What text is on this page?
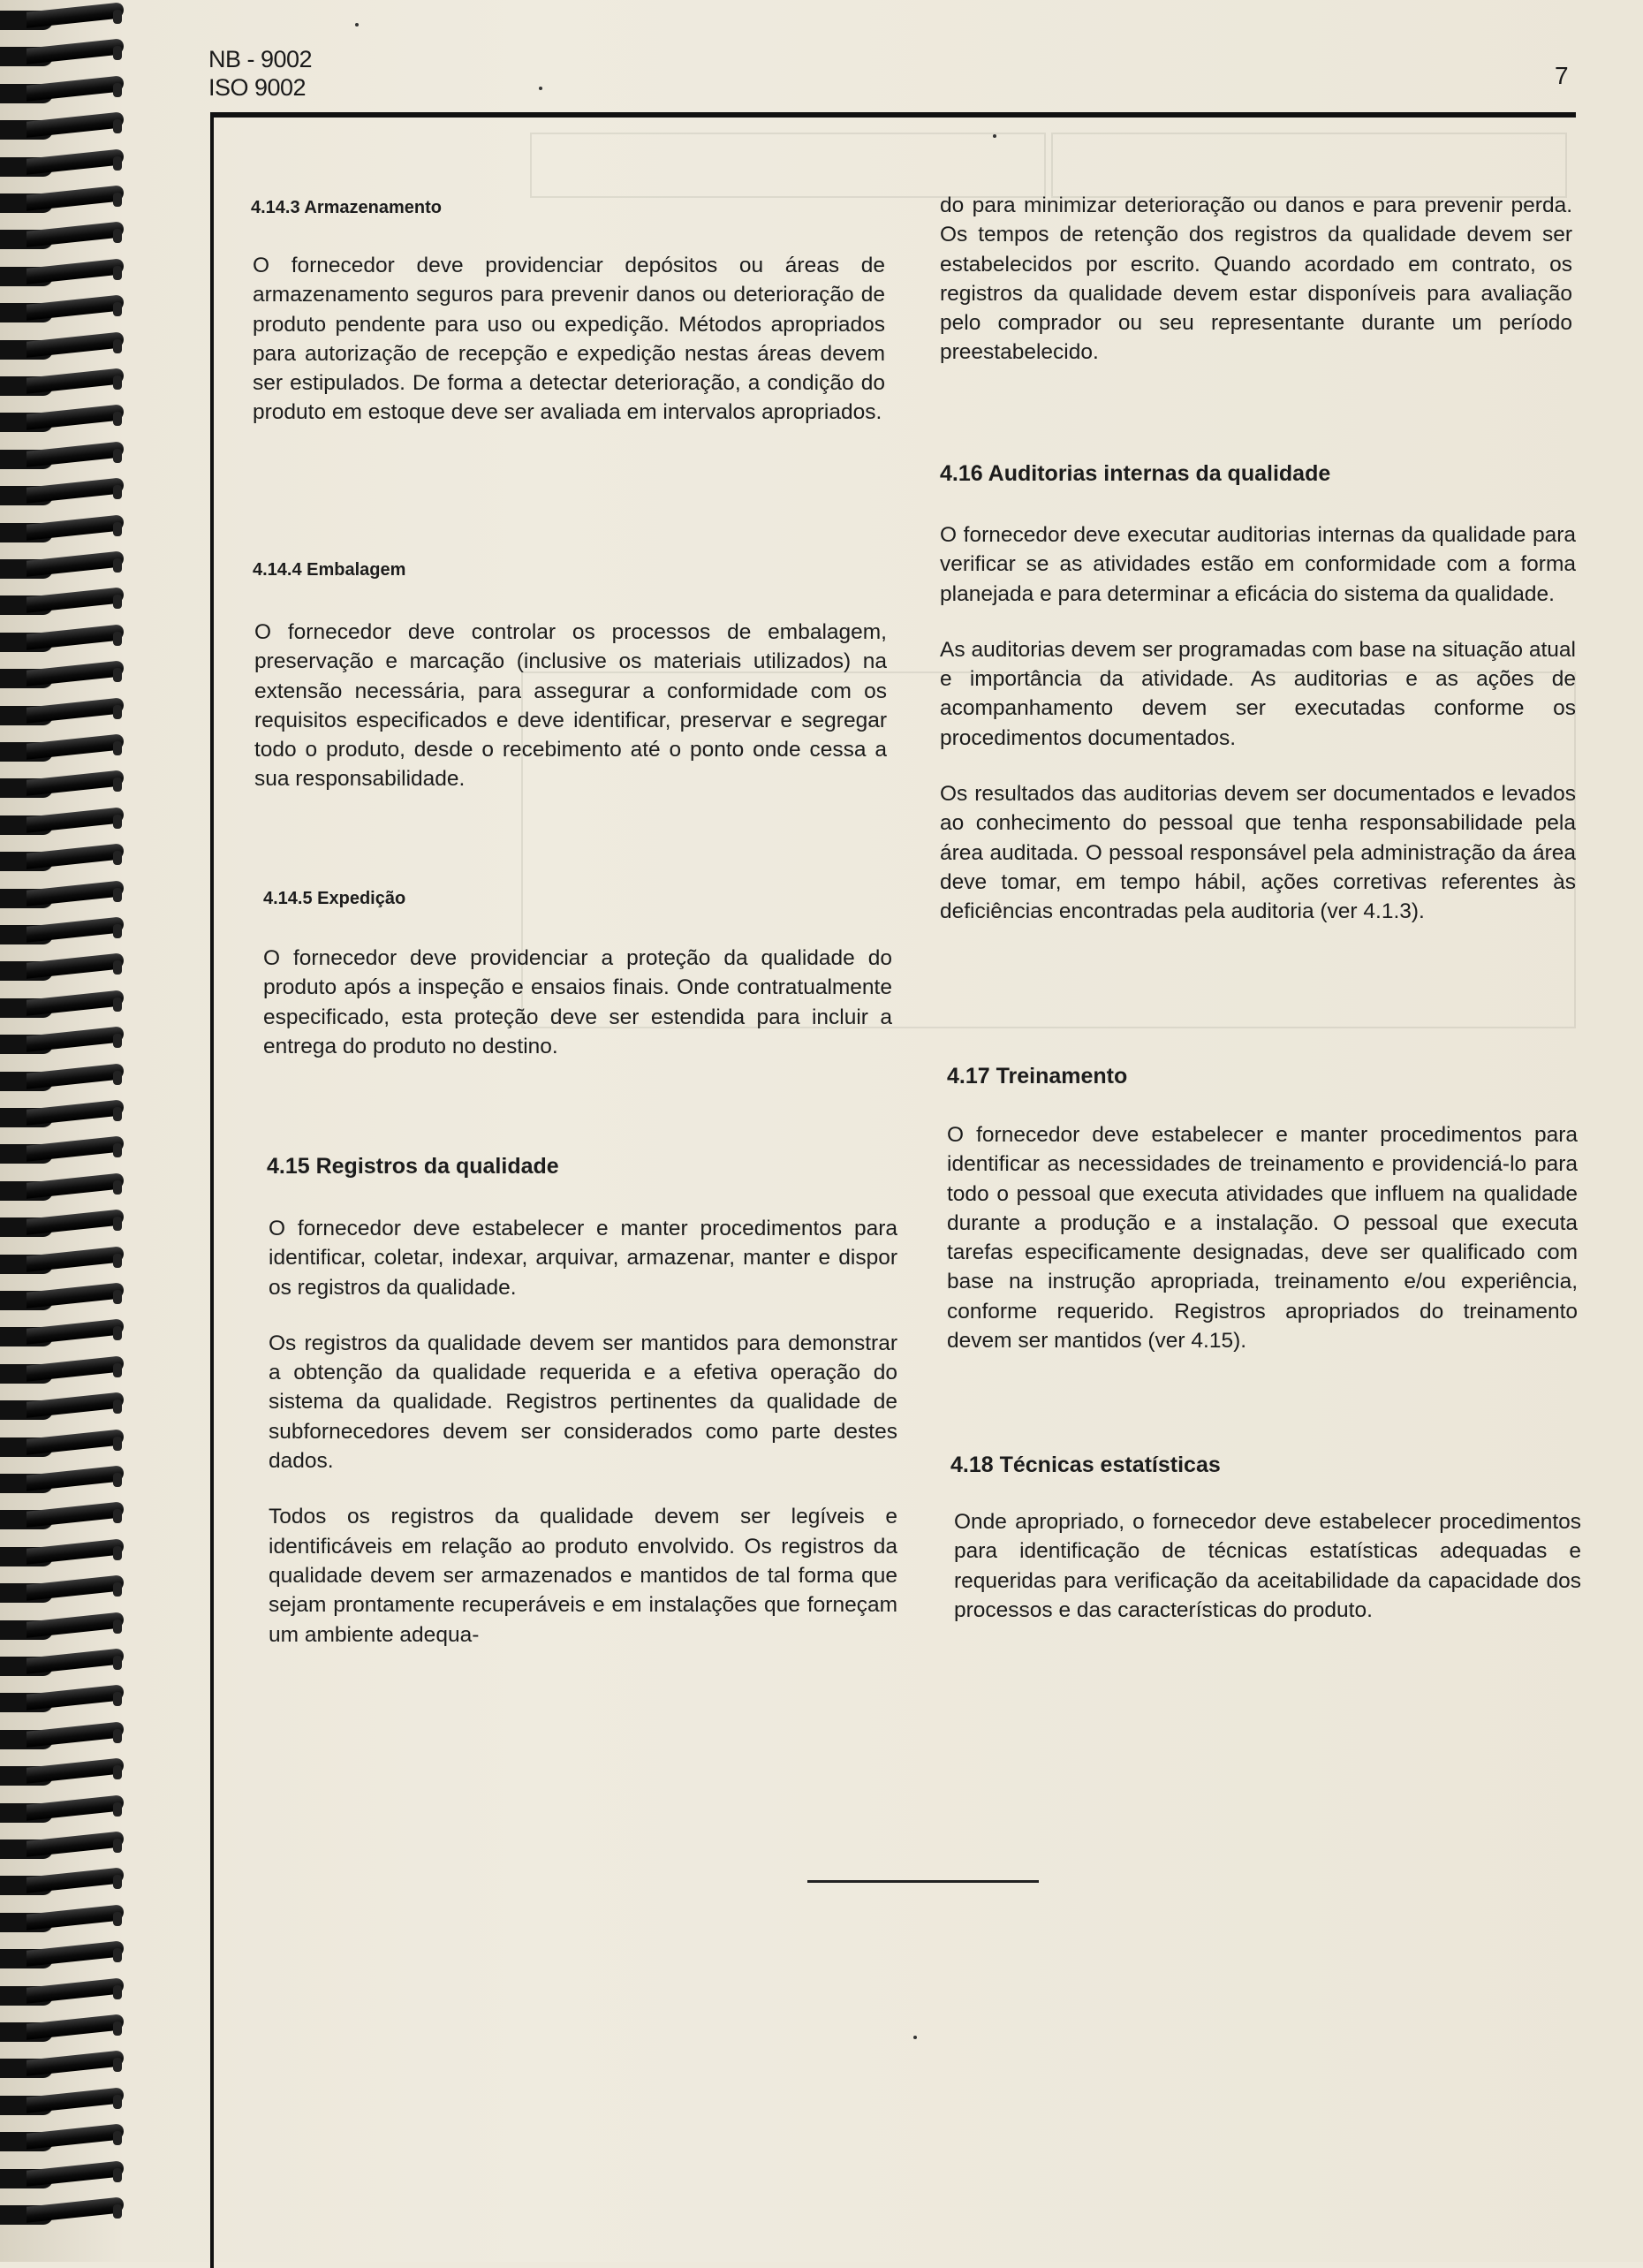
NB - 9002
ISO 9002	7
4.14.3 Armazenamento

O fornecedor deve providenciar depósitos ou áreas de armazenamento seguros para prevenir danos ou deterioração de produto pendente para uso ou expedição. Métodos apropriados para autorização de recepção e expedição nestas áreas devem ser estipulados. De forma a detectar deterioração, a condição do produto em estoque deve ser avaliada em intervalos apropriados.

4.14.4 Embalagem

O fornecedor deve controlar os processos de embalagem, preservação e marcação (inclusive os materiais utilizados) na extensão necessária, para assegurar a conformidade com os requisitos especificados e deve identificar, preservar e segregar todo o produto, desde o recebimento até o ponto onde cessa a sua responsabilidade.

4.14.5 Expedição

O fornecedor deve providenciar a proteção da qualidade do produto após a inspeção e ensaios finais. Onde contratualmente especificado, esta proteção deve ser estendida para incluir a entrega do produto no destino.

4.15 Registros da qualidade

O fornecedor deve estabelecer e manter procedimentos para identificar, coletar, indexar, arquivar, armazenar, manter e dispor os registros da qualidade.

Os registros da qualidade devem ser mantidos para demonstrar a obtenção da qualidade requerida e a efetiva operação do sistema da qualidade. Registros pertinentes da qualidade de subfornecedores devem ser considerados como parte destes dados.

Todos os registros da qualidade devem ser legíveis e identificáveis em relação ao produto envolvido. Os registros da qualidade devem ser armazenados e mantidos de tal forma que sejam prontamente recuperáveis e em instalações que forneçam um ambiente adequa-

do para minimizar deterioração ou danos e para prevenir perda. Os tempos de retenção dos registros da qualidade devem ser estabelecidos por escrito. Quando acordado em contrato, os registros da qualidade devem estar disponíveis para avaliação pelo comprador ou seu representante durante um período preestabelecido.

4.16 Auditorias internas da qualidade

O fornecedor deve executar auditorias internas da qualidade para verificar se as atividades estão em conformidade com a forma planejada e para determinar a eficácia do sistema da qualidade.

As auditorias devem ser programadas com base na situação atual e importância da atividade. As auditorias e as ações de acompanhamento devem ser executadas conforme os procedimentos documentados.

Os resultados das auditorias devem ser documentados e levados ao conhecimento do pessoal que tenha responsabilidade pela área auditada. O pessoal responsável pela administração da área deve tomar, em tempo hábil, ações corretivas referentes às deficiências encontradas pela auditoria (ver 4.1.3).

4.17 Treinamento

O fornecedor deve estabelecer e manter procedimentos para identificar as necessidades de treinamento e providenciá-lo para todo o pessoal que executa atividades que influem na qualidade durante a produção e a instalação. O pessoal que executa tarefas especificamente designadas, deve ser qualificado com base na instrução apropriada, treinamento e/ou experiência, conforme requerido. Registros apropriados do treinamento devem ser mantidos (ver 4.15).

4.18 Técnicas estatísticas

Onde apropriado, o fornecedor deve estabelecer procedimentos para identificação de técnicas estatísticas adequadas e requeridas para verificação da aceitabilidade da capacidade dos processos e das características do produto.
